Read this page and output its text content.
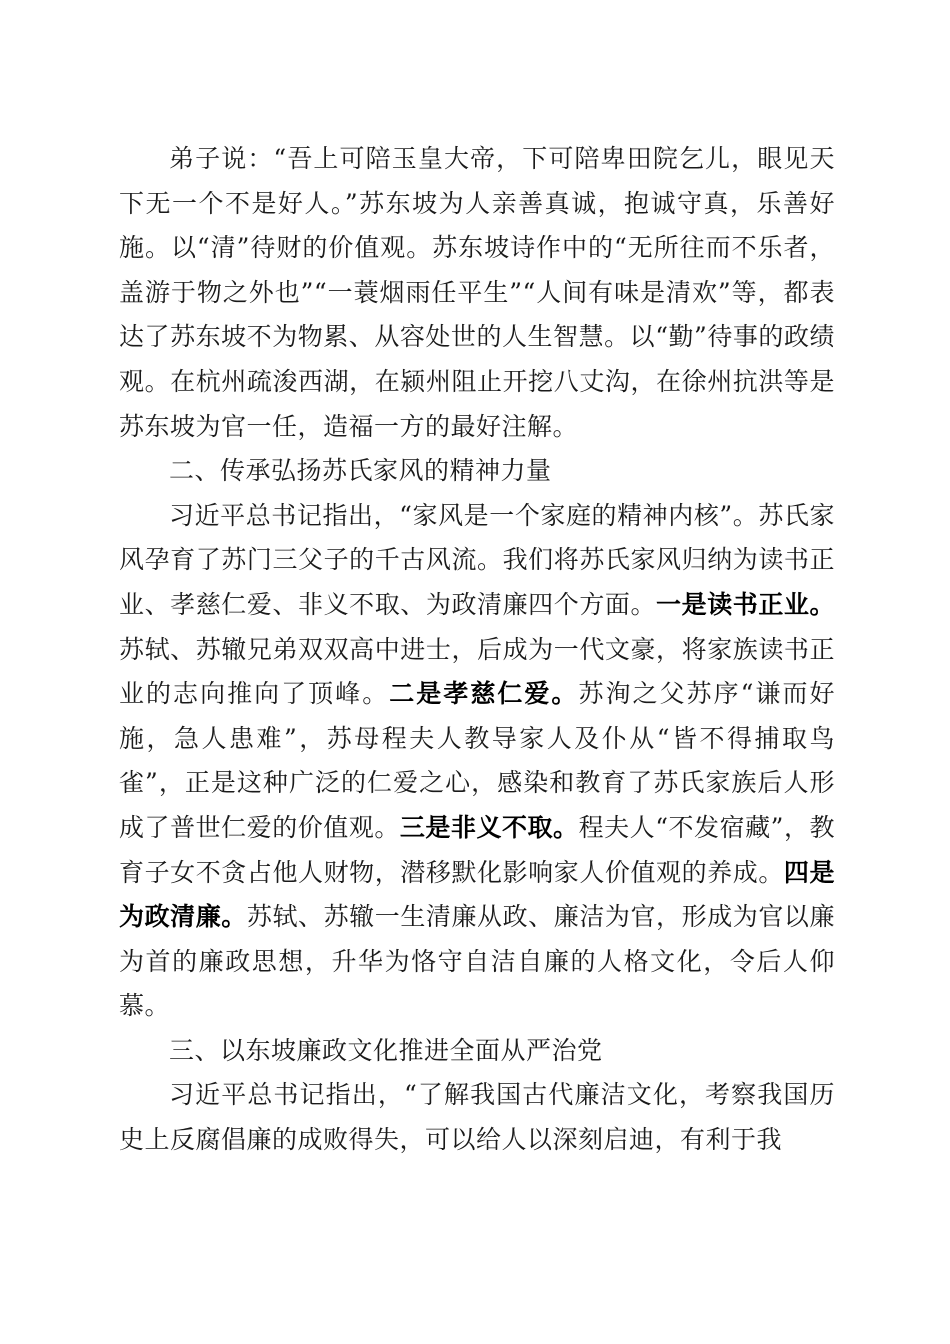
弟子说：“吾上可陪玉皇大帝，下可陪卑田院乞儿，眼见天下无一个不是好人。”苏东坡为人亲善真诚，抱诚守真，乐善好施。以“清”待财的价值观。苏东坡诗作中的“无所往而不乐者，盖游于物之外也”“一蓑烟雨任平生”“人间有味是清欢”等，都表达了苏东坡不为物累、从容处世的人生智慧。以“勤”待事的政绩观。在杭州疏浚西湖，在颍州阻止开挖八丈沟，在徐州抗洪等是苏东坡为官一任，造福一方的最好注解。

二、传承弘扬苏氏家风的精神力量

习近平总书记指出，“家风是一个家庭的精神内核”。苏氏家风孕育了苏门三父子的千古风流。我们将苏氏家风归纳为读书正业、孝慈仁爱、非义不取、为政清廉四个方面。一是读书正业。苏轼、苏辙兄弟双双高中进士，后成为一代文豪，将家族读书正业的志向推向了顶峰。二是孝慈仁爱。苏洵之父苏序“谦而好施，急人患难”，苏母程夫人教导家人及仆从“皆不得捕取鸟雀”，正是这种广泛的仁爱之心，感染和教育了苏氏家族后人形成了普世仁爱的价值观。三是非义不取。程夫人“不发宿藏”，教育子女不贪占他人财物，潜移默化影响家人价值观的养成。四是为政清廉。苏轼、苏辙一生清廉从政、廉洁为官，形成为官以廉为首的廉政思想，升华为恪守自洁自廉的人格文化，令后人仰慕。

三、以东坡廉政文化推进全面从严治党

习近平总书记指出，“了解我国古代廉洁文化，考察我国历史上反腐倡廉的成败得失，可以给人以深刻启迪，有利于我
